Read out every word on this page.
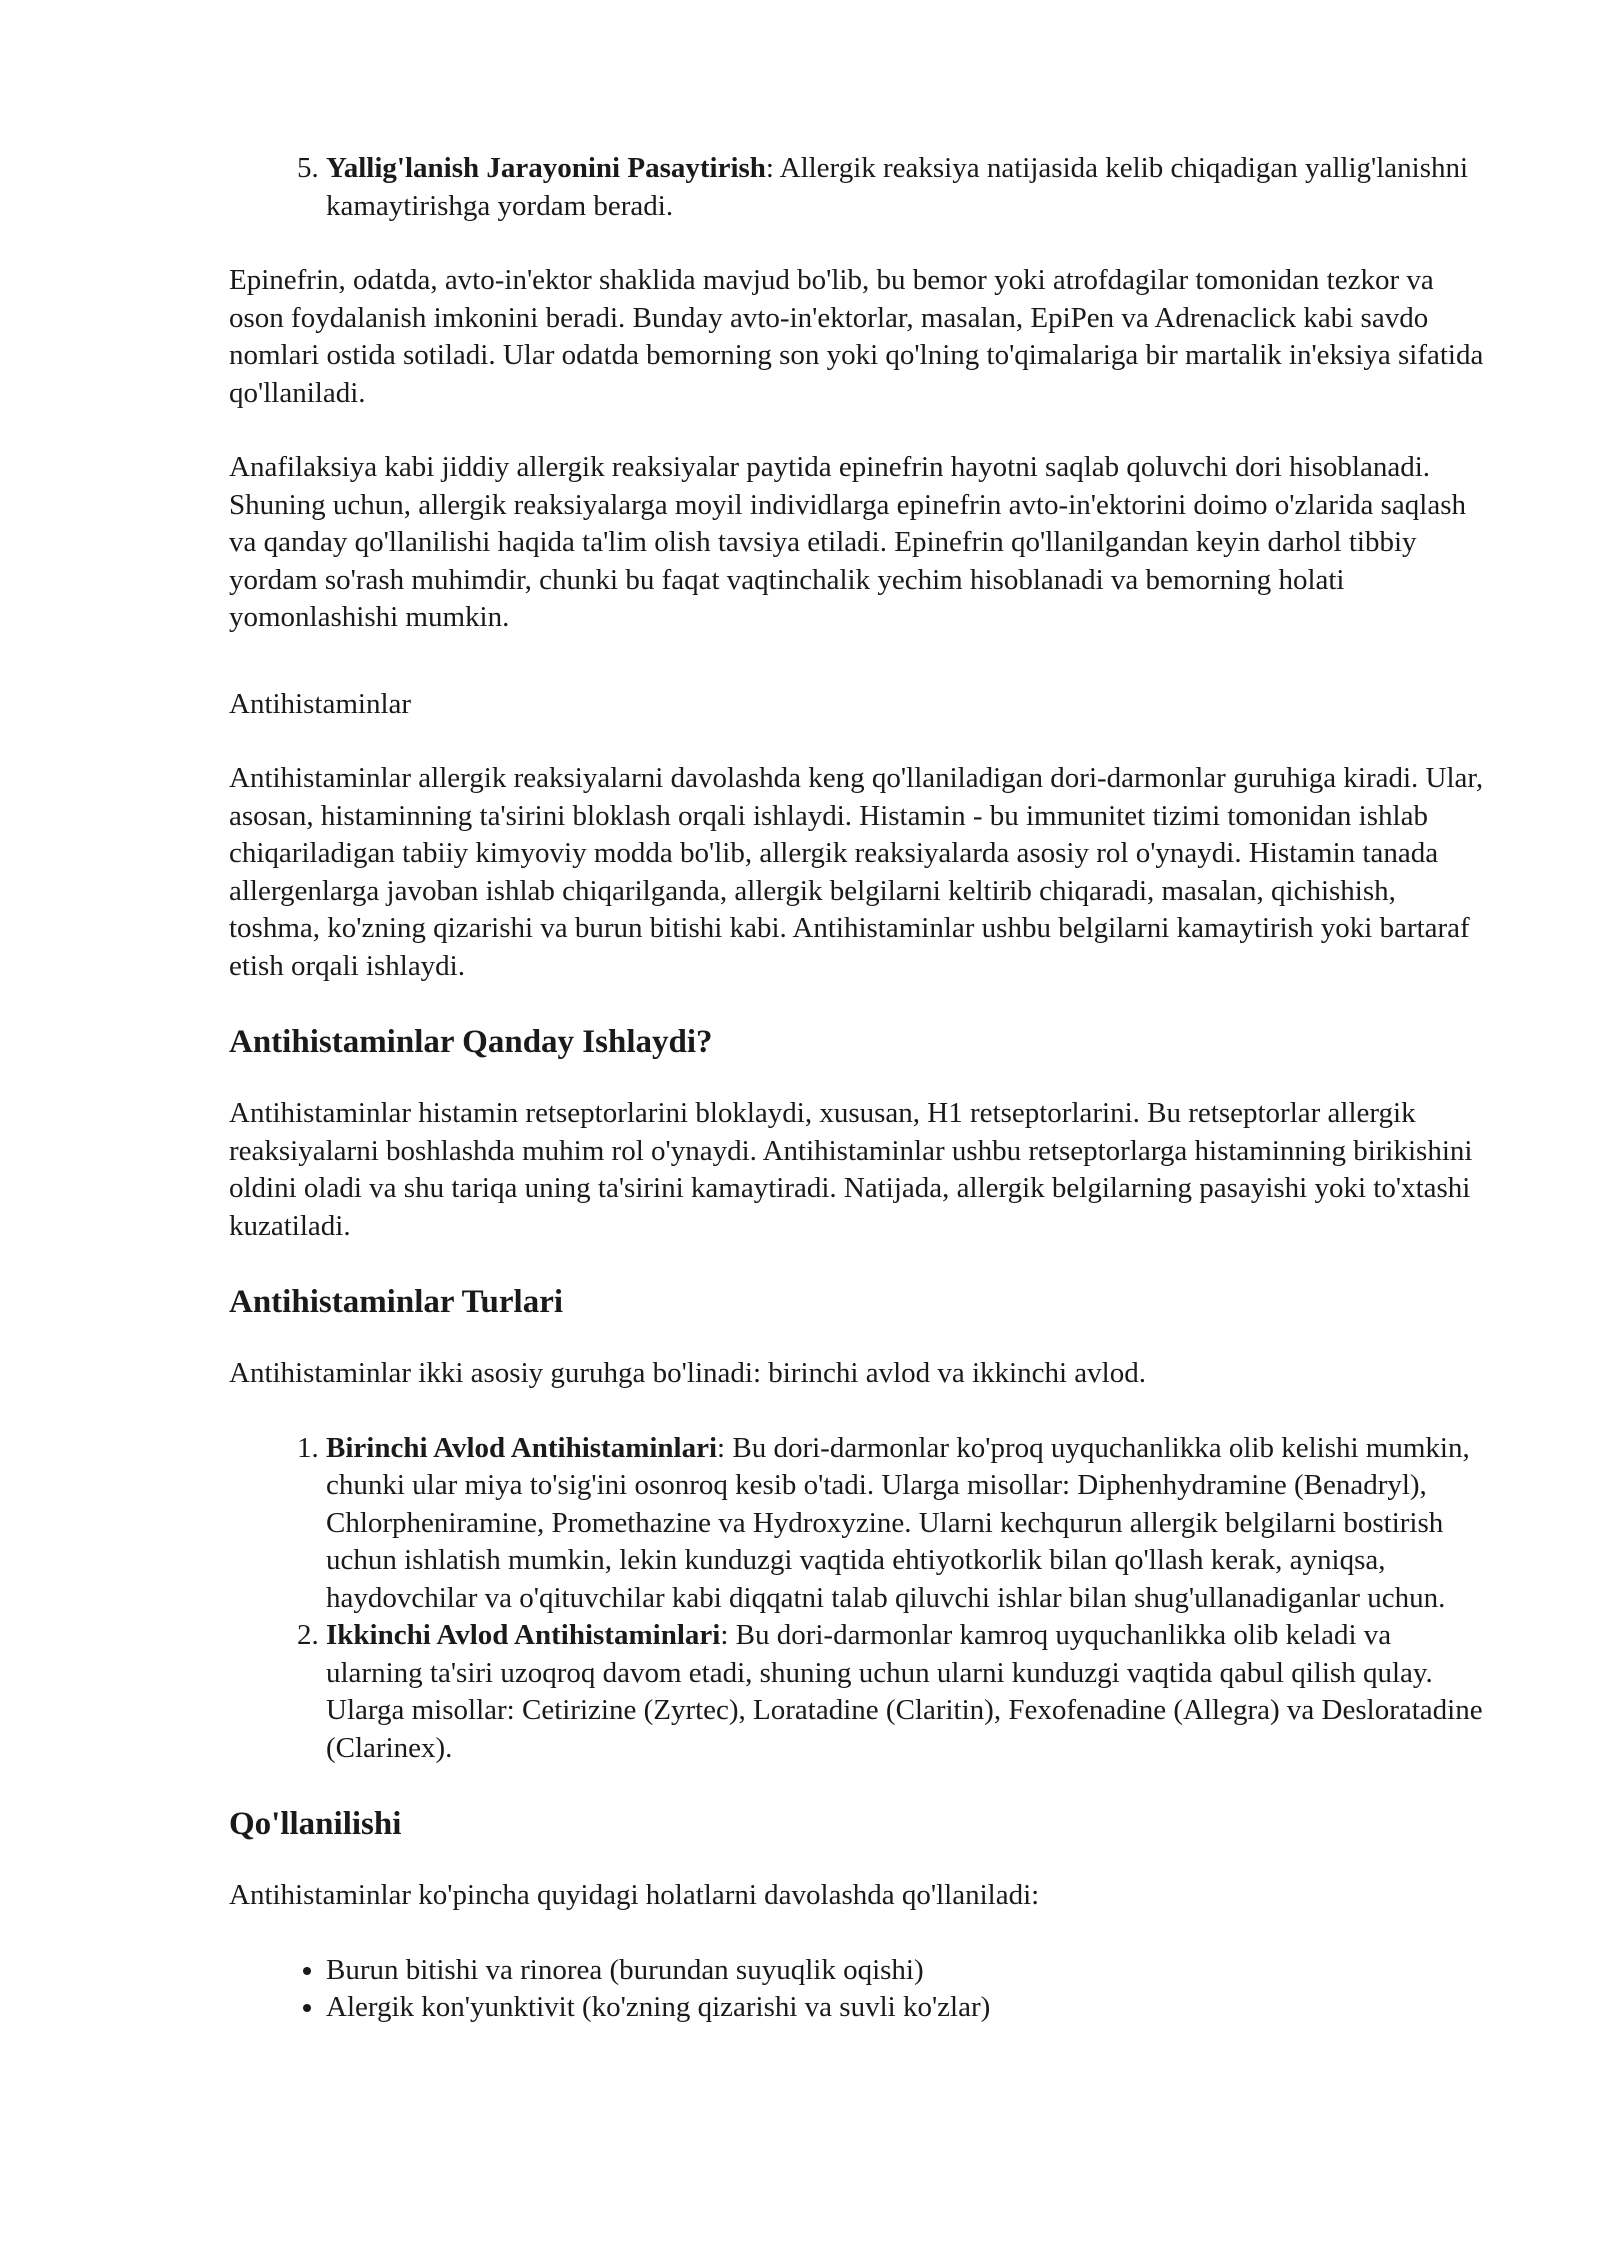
5. Yallig'lanish Jarayonini Pasaytirish: Allergik reaksiya natijasida kelib chiqadigan yallig'lanishni kamaytirishga yordam beradi.

Epinefrin, odatda, avto-in'ektor shaklida mavjud bo'lib, bu bemor yoki atrofdagilar tomonidan tezkor va oson foydalanish imkonini beradi. Bunday avto-in'ektorlar, masalan, EpiPen va Adrenaclick kabi savdo nomlari ostida sotiladi. Ular odatda bemorning son yoki qo'lning to'qimalariga bir martalik in'eksiya sifatida qo'llaniladi.

Anafilaksiya kabi jiddiy allergik reaksiyalar paytida epinefrin hayotni saqlab qoluvchi dori hisoblanadi. Shuning uchun, allergik reaksiyalarga moyil individlarga epinefrin avto-in'ektorini doimo o'zlarida saqlash va qanday qo'llanilishi haqida ta'lim olish tavsiya etiladi. Epinefrin qo'llanilgandan keyin darhol tibbiy yordam so'rash muhimdir, chunki bu faqat vaqtinchalik yechim hisoblanadi va bemorning holati yomonlashishi mumkin.

Antihistaminlar

Antihistaminlar allergik reaksiyalarni davolashda keng qo'llaniladigan dori-darmonlar guruhiga kiradi. Ular, asosan, histaminning ta'sirini bloklash orqali ishlaydi. Histamin - bu immunitet tizimi tomonidan ishlab chiqariladigan tabiiy kimyoviy modda bo'lib, allergik reaksiyalarda asosiy rol o'ynaydi. Histamin tanada allergenlarga javoban ishlab chiqarilganda, allergik belgilarni keltirib chiqaradi, masalan, qichishish, toshma, ko'zning qizarishi va burun bitishi kabi. Antihistaminlar ushbu belgilarni kamaytirish yoki bartaraf etish orqali ishlaydi.

Antihistaminlar Qanday Ishlaydi?

Antihistaminlar histamin retseptorlarini bloklaydi, xususan, H1 retseptorlarini. Bu retseptorlar allergik reaksiyalarni boshlashda muhim rol o'ynaydi. Antihistaminlar ushbu retseptorlarga histaminning birikishini oldini oladi va shu tariqa uning ta'sirini kamaytiradi. Natijada, allergik belgilarning pasayishi yoki to'xtashi kuzatiladi.

Antihistaminlar Turlari

Antihistaminlar ikki asosiy guruhga bo'linadi: birinchi avlod va ikkinchi avlod.

1. Birinchi Avlod Antihistaminlari: Bu dori-darmonlar ko'proq uyquchanlikka olib kelishi mumkin, chunki ular miya to'sig'ini osonroq kesib o'tadi. Ularga misollar: Diphenhydramine (Benadryl), Chlorpheniramine, Promethazine va Hydroxyzine. Ularni kechqurun allergik belgilarni bostirish uchun ishlatish mumkin, lekin kunduzgi vaqtida ehtiyotkorlik bilan qo'llash kerak, ayniqsa, haydovchilar va o'qituvchilar kabi diqqatni talab qiluvchi ishlar bilan shug'ullanadiganlar uchun.
2. Ikkinchi Avlod Antihistaminlari: Bu dori-darmonlar kamroq uyquchanlikka olib keladi va ularning ta'siri uzoqroq davom etadi, shuning uchun ularni kunduzgi vaqtida qabul qilish qulay. Ularga misollar: Cetirizine (Zyrtec), Loratadine (Claritin), Fexofenadine (Allegra) va Desloratadine (Clarinex).
Qo'llanilishi

Antihistaminlar ko'pincha quyidagi holatlarni davolashda qo'llaniladi:

• Burun bitishi va rinorea (burundan suyuqlik oqishi)
• Alergik kon'yunktivit (ko'zning qizarishi va suvli ko'zlar)
